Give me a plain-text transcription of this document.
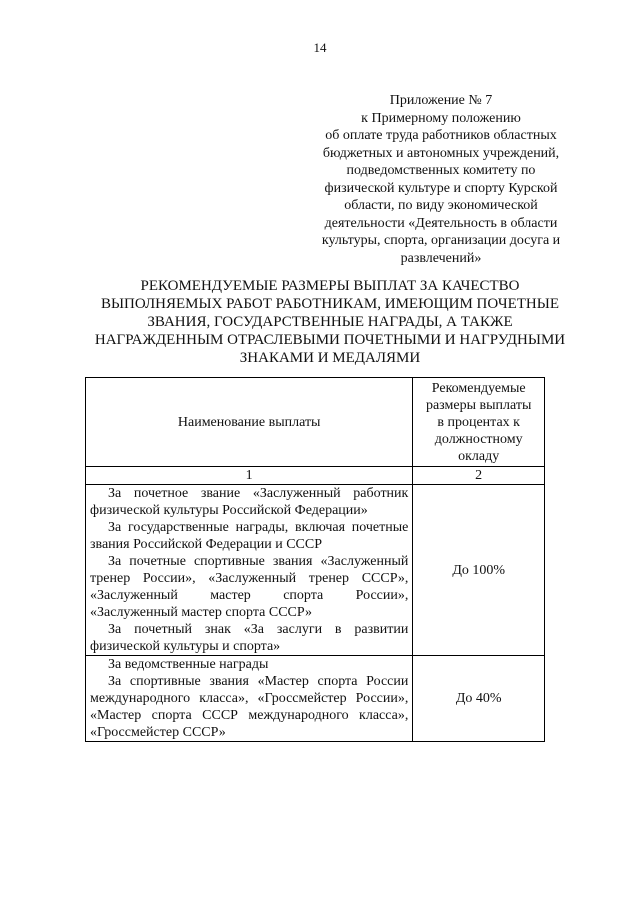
14
Приложение № 7
к Примерному положению
об оплате труда работников областных
бюджетных и автономных учреждений,
подведомственных комитету по
физической культуре и спорту Курской
области, по виду экономической
деятельности «Деятельность в области
культуры, спорта, организации досуга и
развлечений»
РЕКОМЕНДУЕМЫЕ РАЗМЕРЫ ВЫПЛАТ ЗА КАЧЕСТВО
ВЫПОЛНЯЕМЫХ РАБОТ РАБОТНИКАМ, ИМЕЮЩИМ ПОЧЕТНЫЕ
ЗВАНИЯ, ГОСУДАРСТВЕННЫЕ НАГРАДЫ, А ТАКЖЕ
НАГРАЖДЕННЫМ ОТРАСЛЕВЫМИ ПОЧЕТНЫМИ И НАГРУДНЫМИ
ЗНАКАМИ И МЕДАЛЯМИ
Наименование выплаты	Рекомендуемые
размеры выплаты
в процентах к
должностному
окладу

1	2

За почетное звание «Заслуженный работник физической культуры Российской Федерации»
За государственные награды, включая почетные звания Российской Федерации и СССР
За почетные спортивные звания «Заслуженный тренер России», «Заслуженный тренер СССР», «Заслуженный мастер спорта России», «Заслуженный мастер спорта СССР»
За почетный знак «За заслуги в развитии физической культуры и спорта»	До 100%

За ведомственные награды
За спортивные звания «Мастер спорта России международного класса», «Гроссмейстер России», «Мастер спорта СССР международного класса», «Гроссмейстер СССР»	До 40%
